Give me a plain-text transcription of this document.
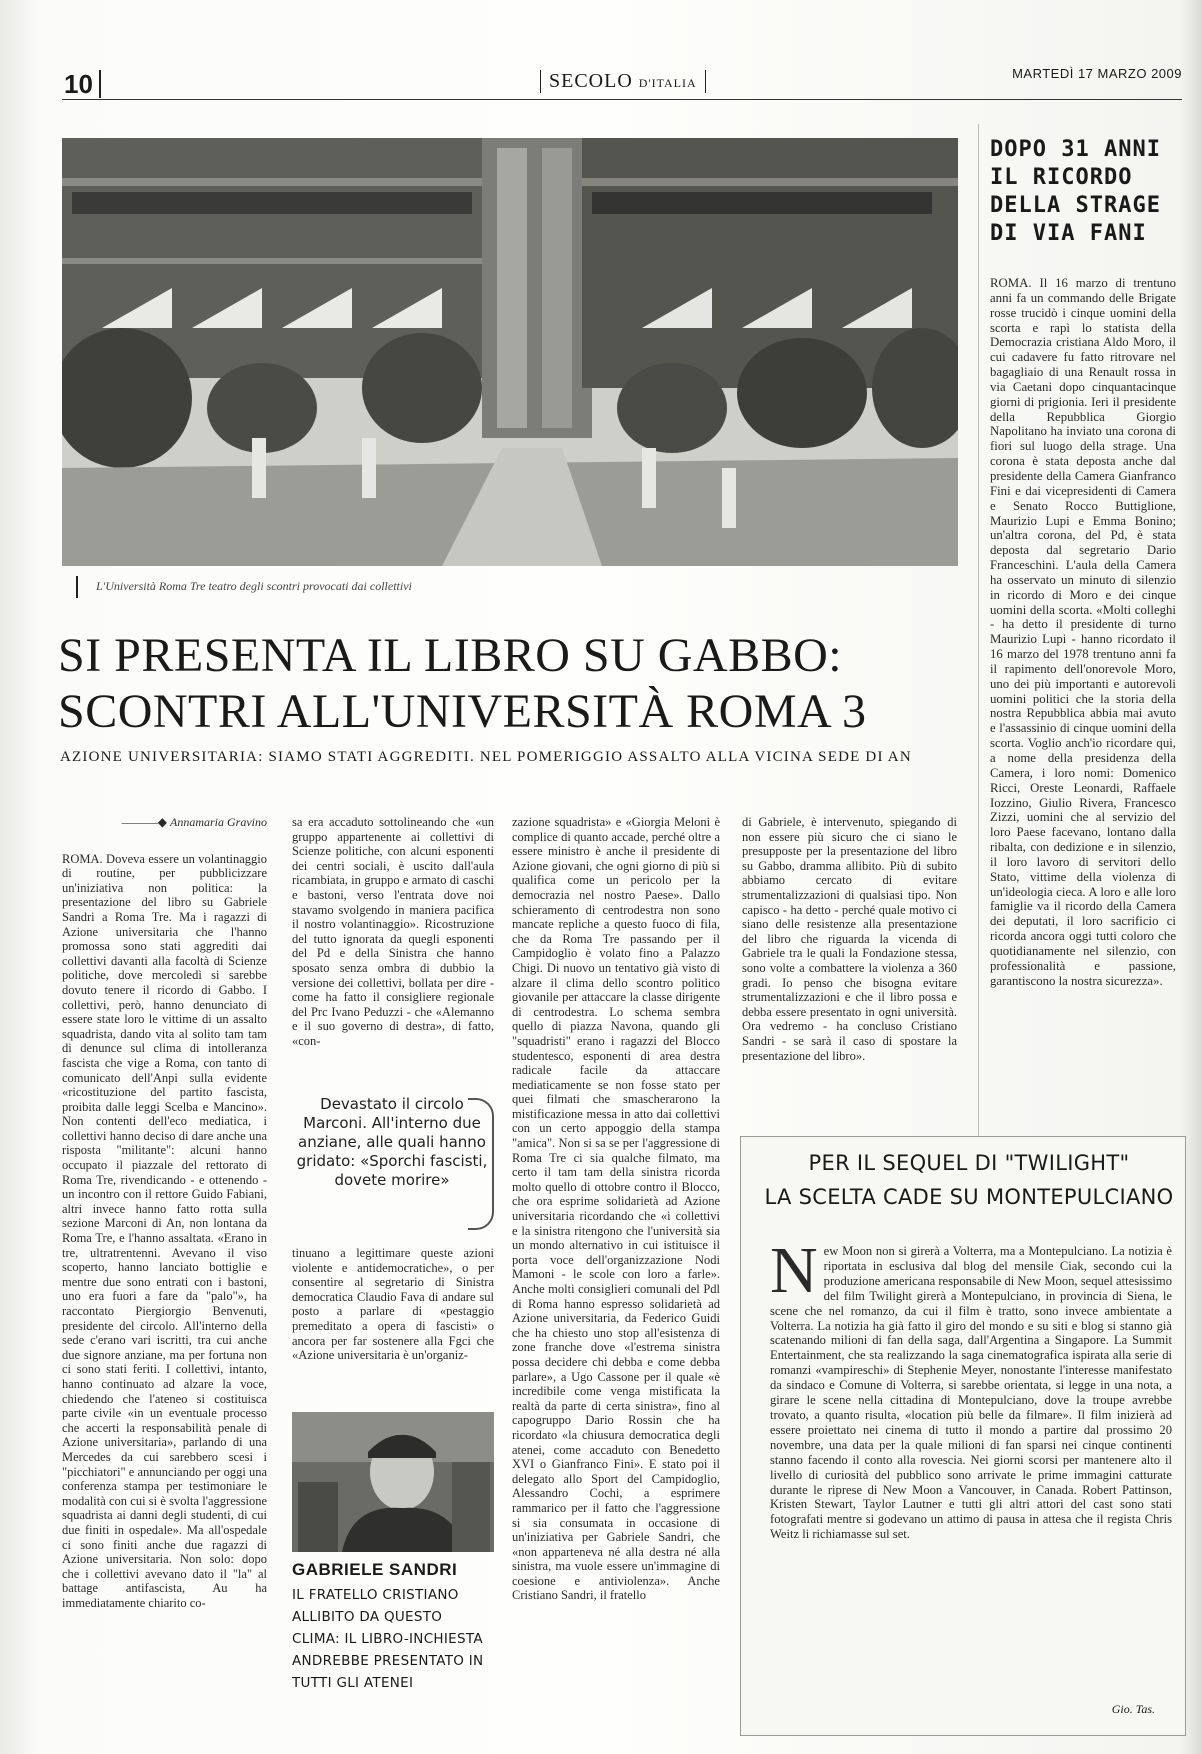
10	SECOLO D'ITALIA
MARTEDÌ 17 MARZO 2009
L'Università Roma Tre teatro degli scontri provocati dai collettivi
SI PRESENTA IL LIBRO SU GABBO:
SCONTRI ALL'UNIVERSITÀ ROMA 3
AZIONE UNIVERSITARIA: SIAMO STATI AGGREDITI. NEL POMERIGGIO ASSALTO ALLA VICINA SEDE DI AN
———◆ Annamaria Gravino

ROMA. Doveva essere un volantinaggio di routine, per pubblicizzare un'iniziativa non politica: la presentazione del libro su Gabriele Sandri a Roma Tre. Ma i ragazzi di Azione universitaria che l'hanno promossa sono stati aggrediti dai collettivi davanti alla facoltà di Scienze politiche, dove mercoledì si sarebbe dovuto tenere il ricordo di Gabbo. I collettivi, però, hanno denunciato di essere state loro le vittime di un assalto squadrista, dando vita al solito tam tam di denunce sul clima di intolleranza fascista che vige a Roma, con tanto di comunicato dell'Anpi sulla evidente «ricostituzione del partito fascista, proibita dalle leggi Scelba e Mancino». Non contenti dell'eco mediatica, i collettivi hanno deciso di dare anche una risposta "militante": alcuni hanno occupato il piazzale del rettorato di Roma Tre, rivendicando - e ottenendo - un incontro con il rettore Guido Fabiani, altri invece hanno fatto rotta sulla sezione Marconi di An, non lontana da Roma Tre, e l'hanno assaltata. «Erano in tre, ultratrentenni. Avevano il viso scoperto, hanno lanciato bottiglie e mentre due sono entrati con i bastoni, uno era fuori a fare da "palo"», ha raccontato Piergiorgio Benvenuti, presidente del circolo. All'interno della sede c'erano vari iscritti, tra cui anche due signore anziane, ma per fortuna non ci sono stati feriti. I collettivi, intanto, hanno continuato ad alzare la voce, chiedendo che l'ateneo si costituisca parte civile «in un eventuale processo che accerti la responsabilità penale di Azione universitaria», parlando di una Mercedes da cui sarebbero scesi i "picchiatori" e annunciando per oggi una conferenza stampa per testimoniare le modalità con cui si è svolta l'aggressione squadrista ai danni degli studenti, di cui due finiti in ospedale». Ma all'ospedale ci sono finiti anche due ragazzi di Azione universitaria. Non solo: dopo che i collettivi avevano dato il "la" al battage antifascista, Au ha immediatamente chiarito co-

sa era accaduto sottolineando che «un gruppo appartenente ai collettivi di Scienze politiche, con alcuni esponenti dei centri sociali, è uscito dall'aula ricambiata, in gruppo e armato di caschi e bastoni, verso l'entrata dove noi stavamo svolgendo in maniera pacifica il nostro volantinaggio». Ricostruzione del tutto ignorata da quegli esponenti del Pd e della Sinistra che hanno sposato senza ombra di dubbio la versione dei collettivi, bollata per dire - come ha fatto il consigliere regionale del Prc Ivano Peduzzi - che «Alemanno e il suo governo di destra», di fatto, «con-

Devastato il circolo Marconi. All'interno due anziane, alle quali hanno gridato: «Sporchi fascisti, dovete morire»

tinuano a legittimare queste azioni violente e antidemocratiche», o per consentire al segretario di Sinistra democratica Claudio Fava di andare sul posto a parlare di «pestaggio premeditato a opera di fascisti» o ancora per far sostenere alla Fgci che «Azione universitaria è un'organiz-

GABRIELE SANDRI
IL FRATELLO CRISTIANO ALLIBITO DA QUESTO CLIMA: IL LIBRO-INCHIESTA ANDREBBE PRESENTATO IN TUTTI GLI ATENEI

zazione squadrista» e «Giorgia Meloni è complice di quanto accade, perché oltre a essere ministro è anche il presidente di Azione giovani, che ogni giorno di più si qualifica come un pericolo per la democrazia nel nostro Paese». Dallo schieramento di centrodestra non sono mancate repliche a questo fuoco di fila, che da Roma Tre passando per il Campidoglio è volato fino a Palazzo Chigi. Di nuovo un tentativo già visto di alzare il clima dello scontro politico giovanile per attaccare la classe dirigente di centrodestra. Lo schema sembra quello di piazza Navona, quando gli "squadristi" erano i ragazzi del Blocco studentesco, esponenti di area destra radicale facile da attaccare mediaticamente se non fosse stato per quei filmati che smascherarono la mistificazione messa in atto dai collettivi con un certo appoggio della stampa "amica". Non si sa se per l'aggressione di Roma Tre ci sia qualche filmato, ma certo il tam tam della sinistra ricorda molto quello di ottobre contro il Blocco, che ora esprime solidarietà ad Azione universitaria ricordando che «i collettivi e la sinistra ritengono che l'università sia un mondo alternativo in cui istituisce il porta voce dell'organizzazione Nodi Mamoni - le scole con loro a farle». Anche molti consiglieri comunali del Pdl di Roma hanno espresso solidarietà ad Azione universitaria, da Federico Guidi che ha chiesto uno stop all'esistenza di zone franche dove «l'estrema sinistra possa decidere chi debba e come debba parlare», a Ugo Cassone per il quale «è incredibile come venga mistificata la realtà da parte di certa sinistra», fino al capogruppo Dario Rossin che ha ricordato «la chiusura democratica degli atenei, come accaduto con Benedetto XVI o Gianfranco Fini». E stato poi il delegato allo Sport del Campidoglio, Alessandro Cochi, a esprimere rammarico per il fatto che l'aggressione si sia consumata in occasione di un'iniziativa per Gabriele Sandri, che «non apparteneva né alla destra né alla sinistra, ma vuole essere un'immagine di coesione e antiviolenza». Anche Cristiano Sandri, il fratello

di Gabriele, è intervenuto, spiegando di non essere più sicuro che ci siano le presupposte per la presentazione del libro su Gabbo, dramma allibito. Più di subito abbiamo cercato di evitare strumentalizzazioni di qualsiasi tipo. Non capisco - ha detto - perché quale motivo ci siano delle resistenze alla presentazione del libro che riguarda la vicenda di Gabriele tra le quali la Fondazione stessa, sono volte a combattere la violenza a 360 gradi. Io penso che bisogna evitare strumentalizzazioni e che il libro possa e debba essere presentato in ogni università. Ora vedremo - ha concluso Cristiano Sandri - se sarà il caso di spostare la presentazione del libro».

DOPO 31 ANNI IL RICORDO DELLA STRAGE DI VIA FANI

ROMA. Il 16 marzo di trentuno anni fa un commando delle Brigate rosse trucidò i cinque uomini della scorta e rapì lo statista della Democrazia cristiana Aldo Moro, il cui cadavere fu fatto ritrovare nel bagagliaio di una Renault rossa in via Caetani dopo cinquantacinque giorni di prigionia. Ieri il presidente della Repubblica Giorgio Napolitano ha inviato una corona di fiori sul luogo della strage. Una corona è stata deposta anche dal presidente della Camera Gianfranco Fini e dai vicepresidenti di Camera e Senato Rocco Buttiglione, Maurizio Lupi e Emma Bonino; un'altra corona, del Pd, è stata deposta dal segretario Dario Franceschini. L'aula della Camera ha osservato un minuto di silenzio in ricordo di Moro e dei cinque uomini della scorta. «Molti colleghi - ha detto il presidente di turno Maurizio Lupi - hanno ricordato il 16 marzo del 1978 trentuno anni fa il rapimento dell'onorevole Moro, uno dei più importanti e autorevoli uomini politici che la storia della nostra Repubblica abbia mai avuto e l'assassinio di cinque uomini della scorta. Voglio anch'io ricordare qui, a nome della presidenza della Camera, i loro nomi: Domenico Ricci, Oreste Leonardi, Raffaele Iozzino, Giulio Rivera, Francesco Zizzi, uomini che al servizio del loro Paese facevano, lontano dalla ribalta, con dedizione e in silenzio, il loro lavoro di servitori dello Stato, vittime della violenza di un'ideologia cieca. A loro e alle loro famiglie va il ricordo della Camera dei deputati, il loro sacrificio ci ricorda ancora oggi tutti coloro che quotidianamente nel silenzio, con professionalità e passione, garantiscono la nostra sicurezza».

Gio. Tas.
PER IL SEQUEL DI "TWILIGHT"
LA SCELTA CADE SU MONTEPULCIANO
N ew Moon non si girerà a Volterra, ma a Montepulciano. La notizia è riportata in esclusiva dal blog del mensile Ciak, secondo cui la produzione americana responsabile di New Moon, sequel attesissimo del film Twilight girerà a Montepulciano, in provincia di Siena, le scene che nel romanzo, da cui il film è tratto, sono invece ambientate a Volterra. La notizia ha già fatto il giro del mondo e su siti e blog si stanno già scatenando milioni di fan della saga, dall'Argentina a Singapore. La Summit Entertainment, che sta realizzando la saga cinematografica ispirata alla serie di romanzi «vampireschi» di Stephenie Meyer, nonostante l'interesse manifestato da sindaco e Comune di Volterra, si sarebbe orientata, si legge in una nota, a girare le scene nella cittadina di Montepulciano, dove la troupe avrebbe trovato, a quanto risulta, «location più belle da filmare». Il film inizierà ad essere proiettato nei cinema di tutto il mondo a partire dal prossimo 20 novembre, una data per la quale milioni di fan sparsi nei cinque continenti stanno facendo il conto alla rovescia. Nei giorni scorsi per mantenere alto il livello di curiosità del pubblico sono arrivate le prime immagini catturate durante le riprese di New Moon a Vancouver, in Canada. Robert Pattinson, Kristen Stewart, Taylor Lautner e tutti gli altri attori del cast sono stati fotografati mentre si godevano un attimo di pausa in attesa che il regista Chris Weitz li richiamasse sul set.
